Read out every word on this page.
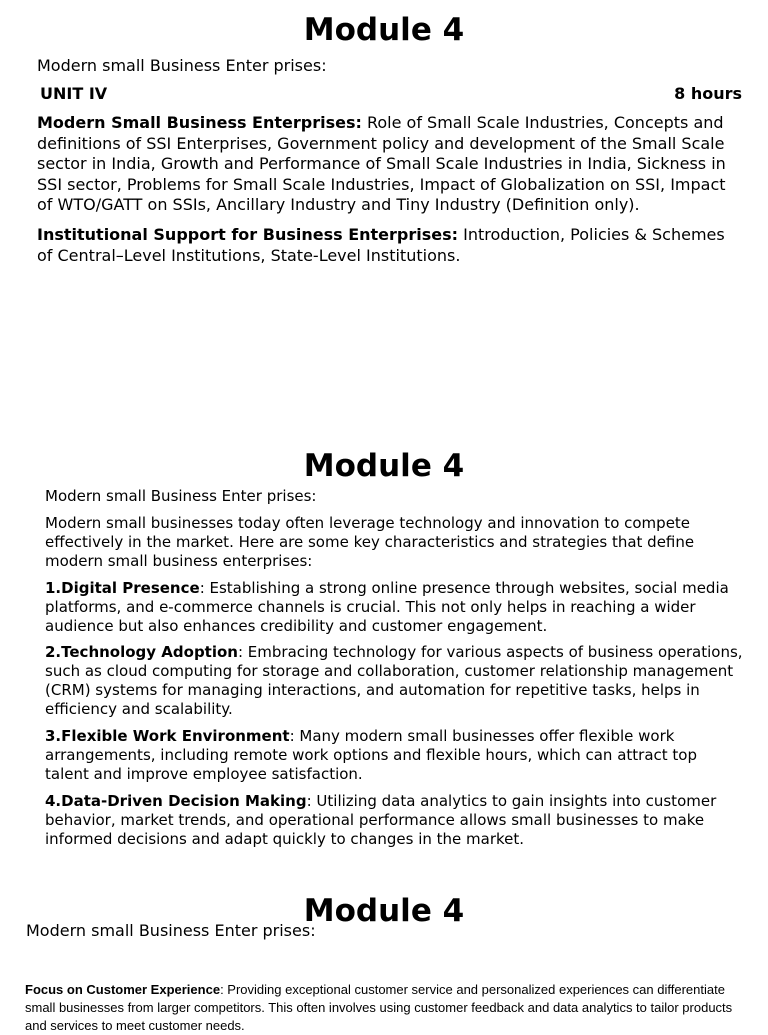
Module 4
Modern small Business Enter prises:
UNIT IV	8 hours
Modern Small Business Enterprises: Role of Small Scale Industries, Concepts and definitions of SSI Enterprises, Government policy and development of the Small Scale sector in India, Growth and Performance of Small Scale Industries in India, Sickness in SSI sector, Problems for Small Scale Industries, Impact of Globalization on SSI, Impact of WTO/GATT on SSIs, Ancillary Industry and Tiny Industry (Definition only).
Institutional Support for Business Enterprises: Introduction, Policies & Schemes of Central–Level Institutions, State-Level Institutions.
Module 4
Modern small Business Enter prises:
Modern small businesses today often leverage technology and innovation to compete effectively in the market. Here are some key characteristics and strategies that define modern small business enterprises:
1.Digital Presence: Establishing a strong online presence through websites, social media platforms, and e-commerce channels is crucial. This not only helps in reaching a wider audience but also enhances credibility and customer engagement.
2.Technology Adoption: Embracing technology for various aspects of business operations, such as cloud computing for storage and collaboration, customer relationship management (CRM) systems for managing interactions, and automation for repetitive tasks, helps in efficiency and scalability.
3.Flexible Work Environment: Many modern small businesses offer flexible work arrangements, including remote work options and flexible hours, which can attract top talent and improve employee satisfaction.
4.Data-Driven Decision Making: Utilizing data analytics to gain insights into customer behavior, market trends, and operational performance allows small businesses to make informed decisions and adapt quickly to changes in the market.
Module 4
Modern small Business Enter prises:
Focus on Customer Experience: Providing exceptional customer service and personalized experiences can differentiate small businesses from larger competitors. This often involves using customer feedback and data analytics to tailor products and services to meet customer needs.
